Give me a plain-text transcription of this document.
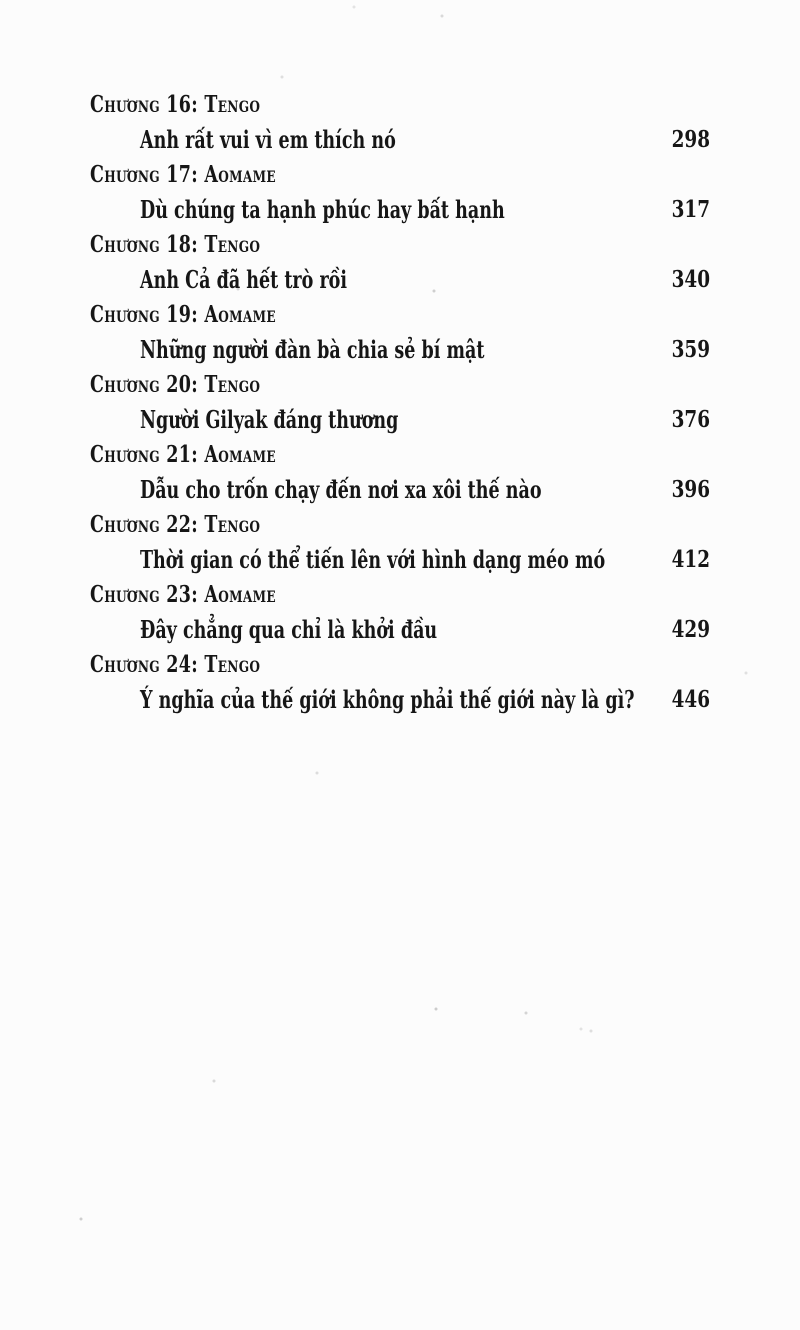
Chương 16: Tengo
Anh rất vui vì em thích nó	298
Chương 17: Aomame
Dù chúng ta hạnh phúc hay bất hạnh	317
Chương 18: Tengo
Anh Cả đã hết trò rồi	340
Chương 19: Aomame
Những người đàn bà chia sẻ bí mật	359
Chương 20: Tengo
Người Gilyak đáng thương	376
Chương 21: Aomame
Dẫu cho trốn chạy đến nơi xa xôi thế nào	396
Chương 22: Tengo
Thời gian có thể tiến lên với hình dạng méo mó	412
Chương 23: Aomame
Đây chẳng qua chỉ là khởi đầu	429
Chương 24: Tengo
Ý nghĩa của thế giới không phải thế giới này là gì? 446
